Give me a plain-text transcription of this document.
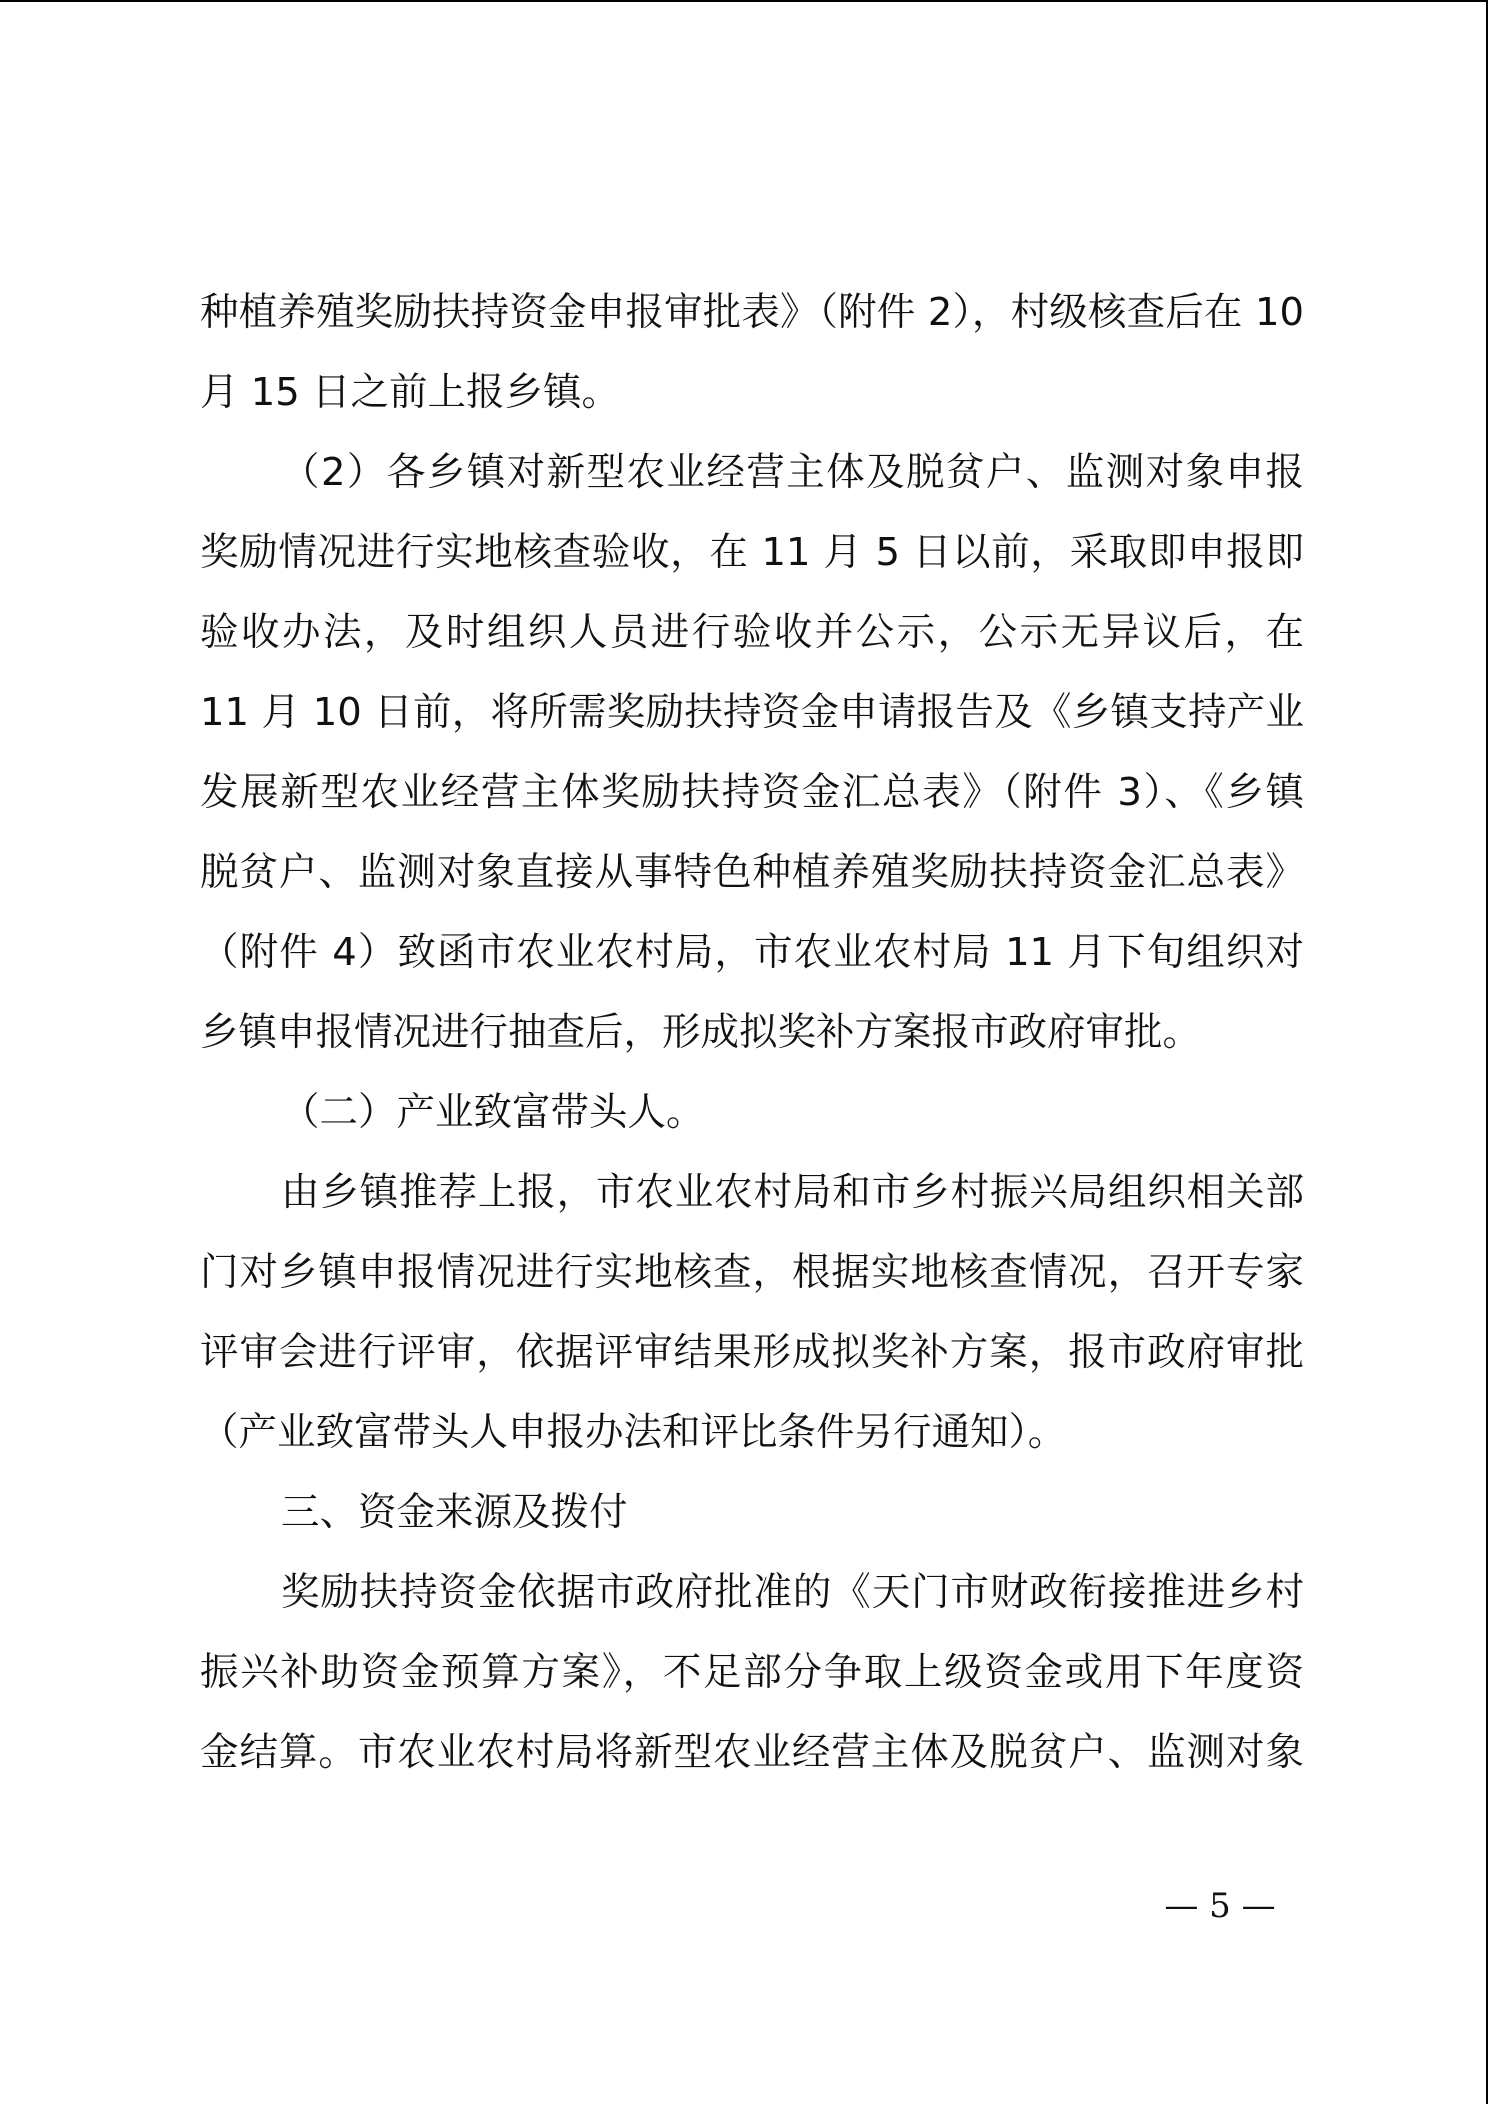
种植养殖奖励扶持资金申报审批表》（附件 2），村级核查后在 10
月 15 日之前上报乡镇。
（2）各乡镇对新型农业经营主体及脱贫户、监测对象申报
奖励情况进行实地核查验收，在 11 月 5 日以前，采取即申报即
验收办法，及时组织人员进行验收并公示，公示无异议后，在
11 月 10 日前，将所需奖励扶持资金申请报告及《乡镇支持产业
发展新型农业经营主体奖励扶持资金汇总表》（附件 3）、《乡镇
脱贫户、监测对象直接从事特色种植养殖奖励扶持资金汇总表》
（附件 4）致函市农业农村局，市农业农村局 11 月下旬组织对
乡镇申报情况进行抽查后，形成拟奖补方案报市政府审批。
（二）产业致富带头人。
由乡镇推荐上报，市农业农村局和市乡村振兴局组织相关部
门对乡镇申报情况进行实地核查，根据实地核查情况，召开专家
评审会进行评审，依据评审结果形成拟奖补方案，报市政府审批
（产业致富带头人申报办法和评比条件另行通知）。
三、资金来源及拨付
奖励扶持资金依据市政府批准的《天门市财政衔接推进乡村
振兴补助资金预算方案》，不足部分争取上级资金或用下年度资
金结算。市农业农村局将新型农业经营主体及脱贫户、监测对象
— 5 —
